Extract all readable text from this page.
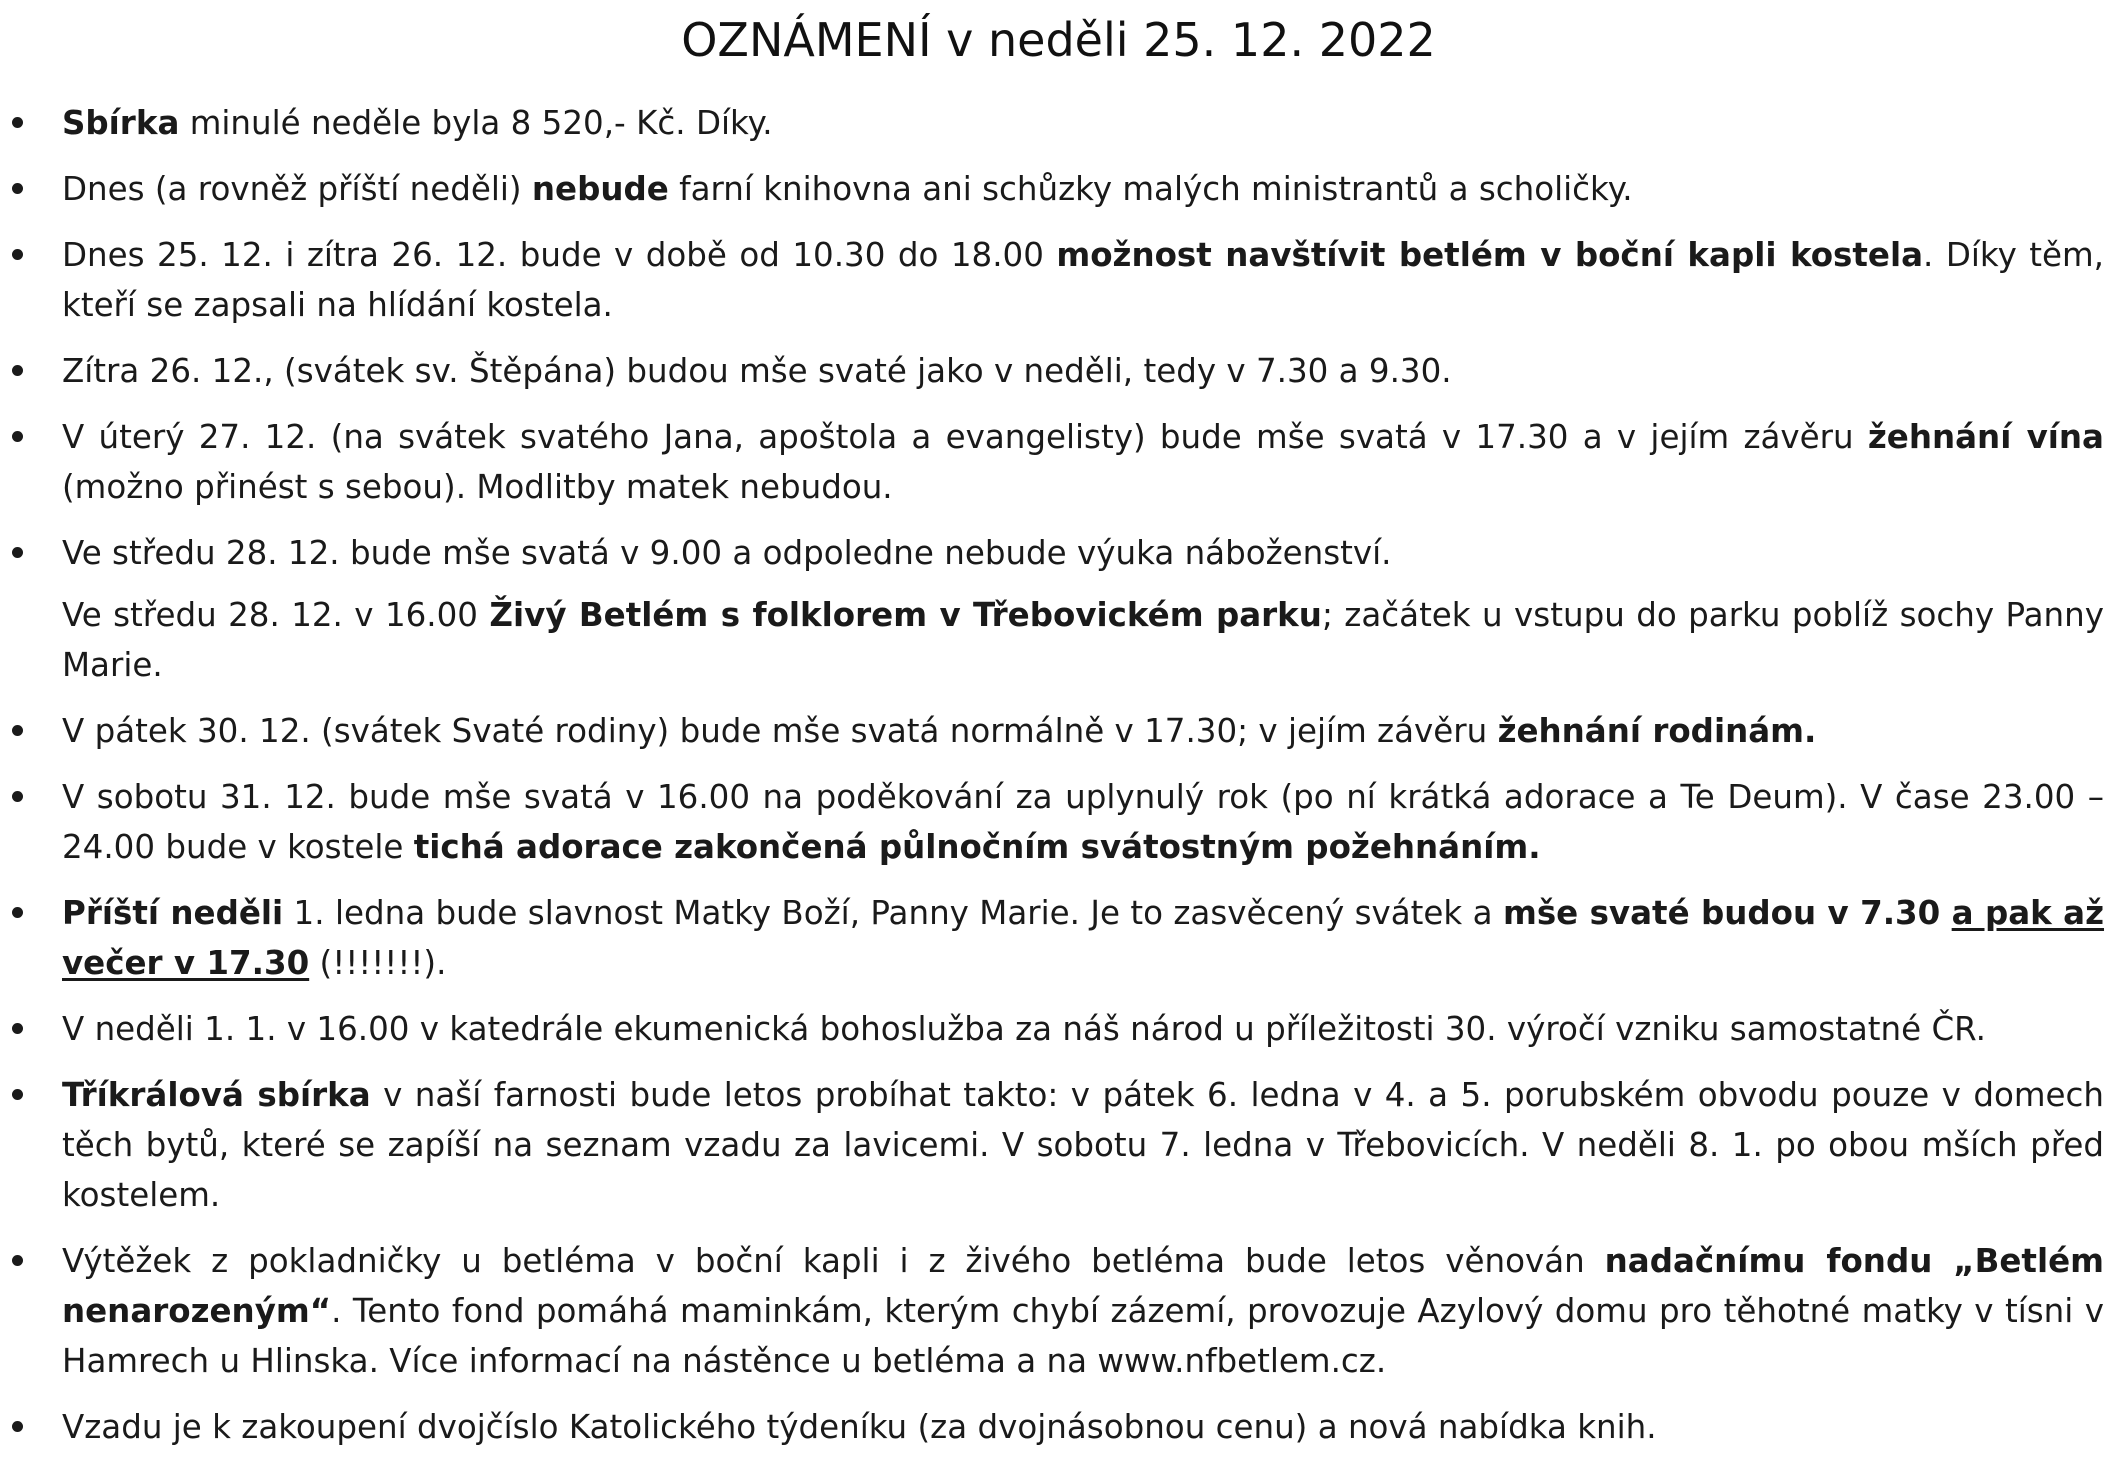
OZNÁMENÍ v neděli 25. 12. 2022
Sbírka minulé neděle byla 8 520,- Kč. Díky.
Dnes (a rovněž příští neděli) nebude farní knihovna ani schůzky malých ministrantů a scholičky.
Dnes 25. 12. i zítra 26. 12. bude v době od 10.30 do 18.00 možnost navštívit betlém v boční kapli kostela. Díky těm, kteří se zapsali na hlídání kostela.
Zítra 26. 12., (svátek sv. Štěpána) budou mše svaté jako v neděli, tedy v 7.30 a 9.30.
V úterý 27. 12. (na svátek svatého Jana, apoštola a evangelisty) bude mše svatá v 17.30 a v jejím závěru žehnání vína (možno přinést s sebou). Modlitby matek nebudou.
Ve středu 28. 12. bude mše svatá v 9.00 a odpoledne nebude výuka náboženství.
Ve středu 28. 12. v 16.00 Živý Betlém s folklorem v Třebovickém parku; začátek u vstupu do parku poblíž sochy Panny Marie.
V pátek 30. 12. (svátek Svaté rodiny) bude mše svatá normálně v 17.30; v jejím závěru žehnání rodinám.
V sobotu 31. 12. bude mše svatá v 16.00 na poděkování za uplynulý rok (po ní krátká adorace a Te Deum). V čase 23.00 – 24.00 bude v kostele tichá adorace zakončená půlnočním svátostným požehnáním.
Příští neděli 1. ledna bude slavnost Matky Boží, Panny Marie. Je to zasvěcený svátek a mše svaté budou v 7.30 a pak až večer v 17.30 (!!!!!!!).
V neděli 1. 1. v 16.00 v katedrále ekumenická bohoslužba za náš národ u příležitosti 30. výročí vzniku samostatné ČR.
Tříkrálová sbírka v naší farnosti bude letos probíhat takto: v pátek 6. ledna v 4. a 5. porubském obvodu pouze v domech těch bytů, které se zapíší na seznam vzadu za lavicemi. V sobotu 7. ledna v Třebovicích. V neděli 8. 1. po obou mších před kostelem.
Výtěžek z pokladničky u betléma v boční kapli i z živého betléma bude letos věnován nadačnímu fondu „Betlém nenarozeným“. Tento fond pomáhá maminkám, kterým chybí zázemí, provozuje Azylový domu pro těhotné matky v tísni v Hamrech u Hlinska. Více informací na nástěnce u betléma a na www.nfbetlem.cz.
Vzadu je k zakoupení dvojčíslo Katolického týdeníku (za dvojnásobnou cenu) a nová nabídka knih.
